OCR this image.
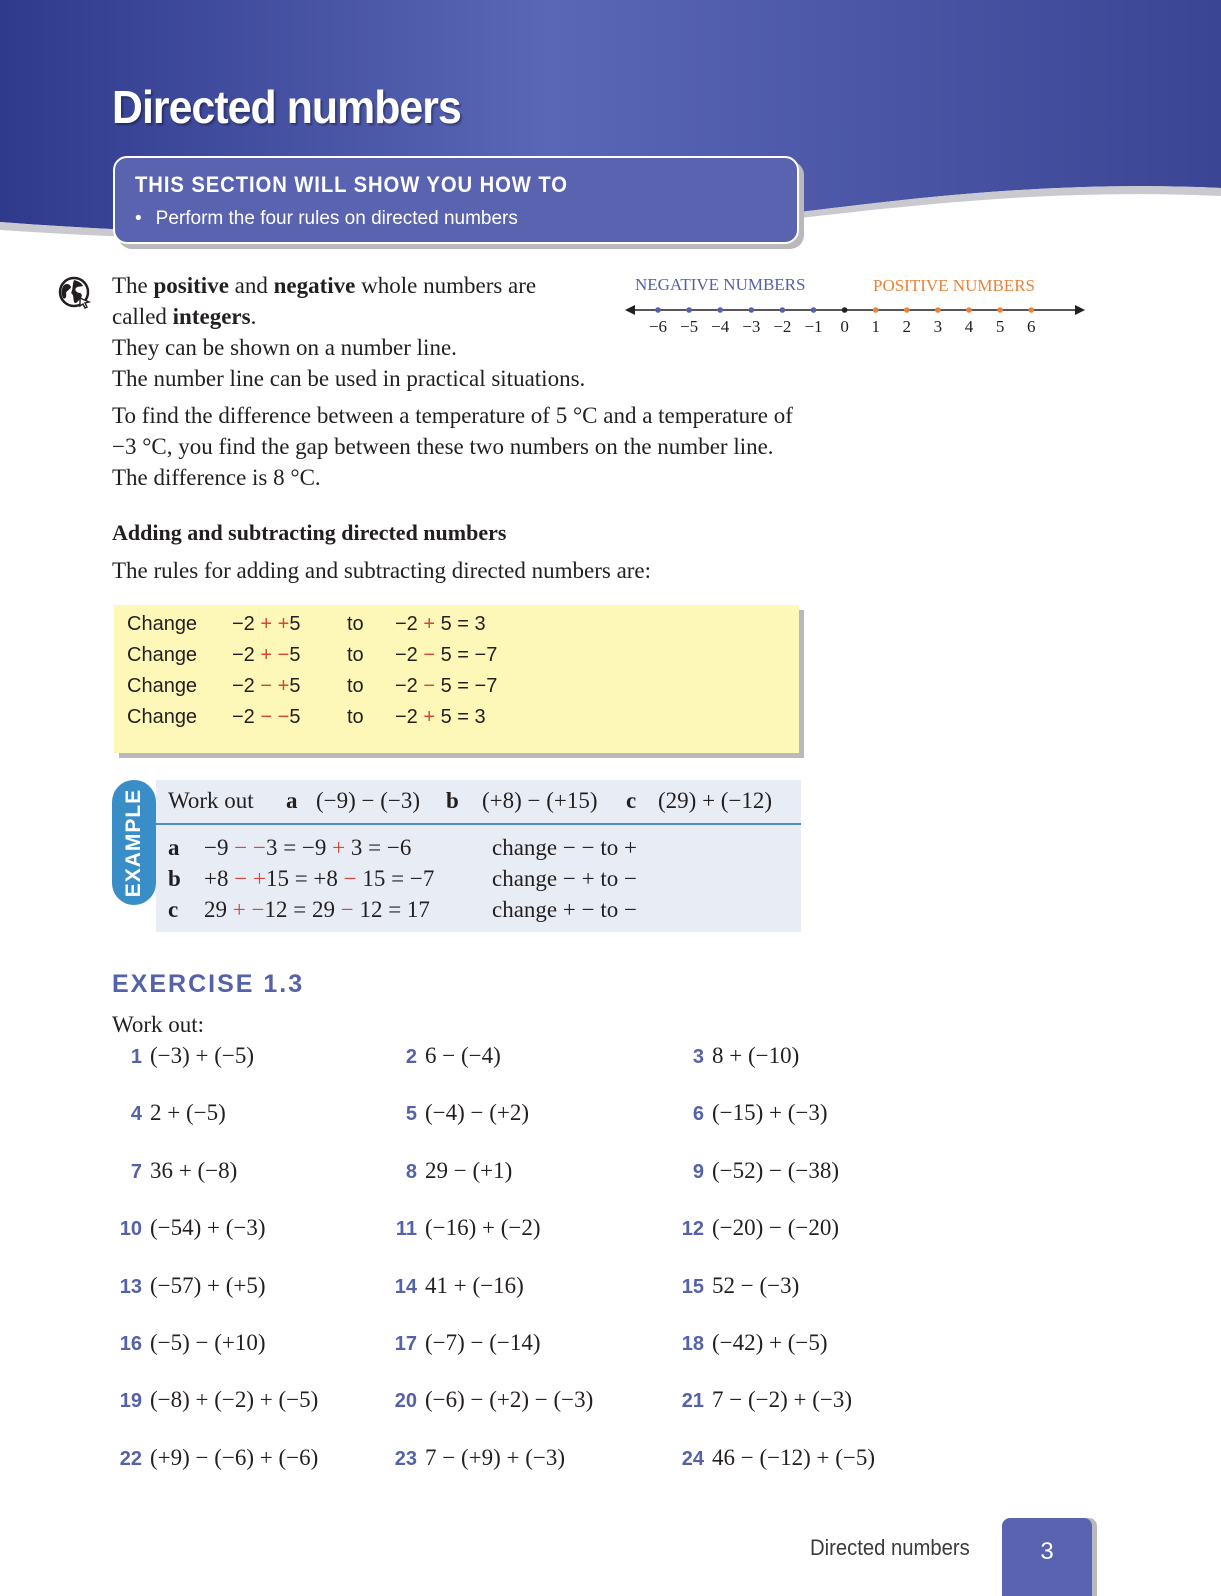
Directed numbers
THIS SECTION WILL SHOW YOU HOW TO
• Perform the four rules on directed numbers

The positive and negative whole numbers are

called integers.

They can be shown on a number line.

The number line can be used in practical situations.

To find the difference between a temperature of 5 °C and a temperature of

−3 °C, you find the gap between these two numbers on the number line.

The difference is 8 °C.

NEGATIVE NUMBERS	POSITIVE NUMBERS
−6 −5 −4 −3 −2 −1 0 1 2 3 4 5 6
Adding and subtracting directed numbers
The rules for adding and subtracting directed numbers are:
Change −2 + +5 to −2 + 5 = 3
Change −2 + −5 to −2 − 5 = −7
Change −2 − +5 to −2 − 5 = −7
Change −2 − −5 to −2 + 5 = 3
Work out a (−9) − (−3) b (+8) − (+15) c (29) + (−12)
a −9 − −3 = −9 + 3 = −6	change − − to +
b +8 − +15 = +8 − 15 = −7	change − + to −
c 29 + −12 = 29 − 12 = 17	change + − to −
EXAMPLE
EXERCISE 1.3
Work out:
1 (−3) + (−5)	2 6 − (−4)	3 8 + (−10)
4 2 + (−5)	5 (−4) − (+2)	6 (−15) + (−3)
7 36 + (−8)	8 29 − (+1)	9 (−52) − (−38)
10 (−54) + (−3)	11 (−16) + (−2)	12 (−20) − (−20)
13 (−57) + (+5)	14 41 + (−16)	15 52 − (−3)
16 (−5) − (+10)	17 (−7) − (−14)	18 (−42) + (−5)
19 (−8) + (−2) + (−5)	20 (−6) − (+2) − (−3)	21 7 − (−2) + (−3)
22 (+9) − (−6) + (−6)	23 7 − (+9) + (−3)	24 46 − (−12) + (−5)
Directed numbers	3
